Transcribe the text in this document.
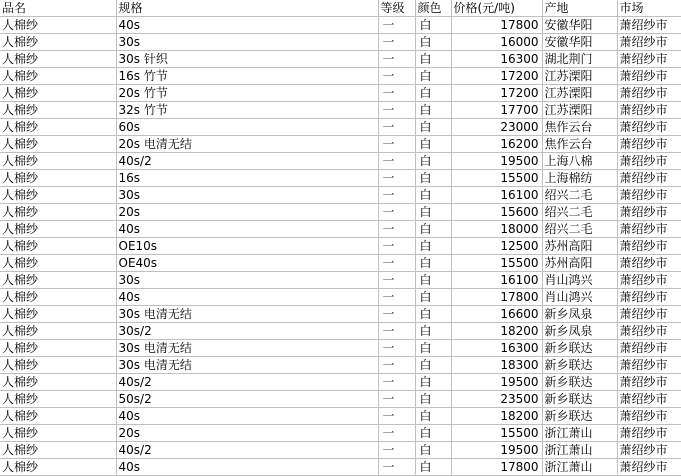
品名	规格	等级	颜色	价格(元/吨)	产地	市场
人棉纱	40s	一	白	17800	安徽华阳	萧绍纱市
人棉纱	30s	一	白	16000	安徽华阳	萧绍纱市
人棉纱	30s 针织	一	白	16300	湖北荆门	萧绍纱市
人棉纱	16s 竹节	一	白	17200	江苏溧阳	萧绍纱市
人棉纱	20s 竹节	一	白	17200	江苏溧阳	萧绍纱市
人棉纱	32s 竹节	一	白	17700	江苏溧阳	萧绍纱市
人棉纱	60s	一	白	23000	焦作云台	萧绍纱市
人棉纱	20s 电清无结	一	白	16200	焦作云台	萧绍纱市
人棉纱	40s/2	一	白	19500	上海八棉	萧绍纱市
人棉纱	16s	一	白	15500	上海棉纺	萧绍纱市
人棉纱	30s	一	白	16100	绍兴二毛	萧绍纱市
人棉纱	20s	一	白	15600	绍兴二毛	萧绍纱市
人棉纱	40s	一	白	18000	绍兴二毛	萧绍纱市
人棉纱	OE10s	一	白	12500	苏州高阳	萧绍纱市
人棉纱	OE40s	一	白	15500	苏州高阳	萧绍纱市
人棉纱	30s	一	白	16100	肖山鸿兴	萧绍纱市
人棉纱	40s	一	白	17800	肖山鸿兴	萧绍纱市
人棉纱	30s 电清无结	一	白	16600	新乡凤泉	萧绍纱市
人棉纱	30s/2	一	白	18200	新乡凤泉	萧绍纱市
人棉纱	30s 电清无结	一	白	16300	新乡联达	萧绍纱市
人棉纱	30s 电清无结	一	白	18300	新乡联达	萧绍纱市
人棉纱	40s/2	一	白	19500	新乡联达	萧绍纱市
人棉纱	50s/2	一	白	23500	新乡联达	萧绍纱市
人棉纱	40s	一	白	18200	新乡联达	萧绍纱市
人棉纱	20s	一	白	15500	浙江萧山	萧绍纱市
人棉纱	40s/2	一	白	19500	浙江萧山	萧绍纱市
人棉纱	40s	一	白	17800	浙江萧山	萧绍纱市
